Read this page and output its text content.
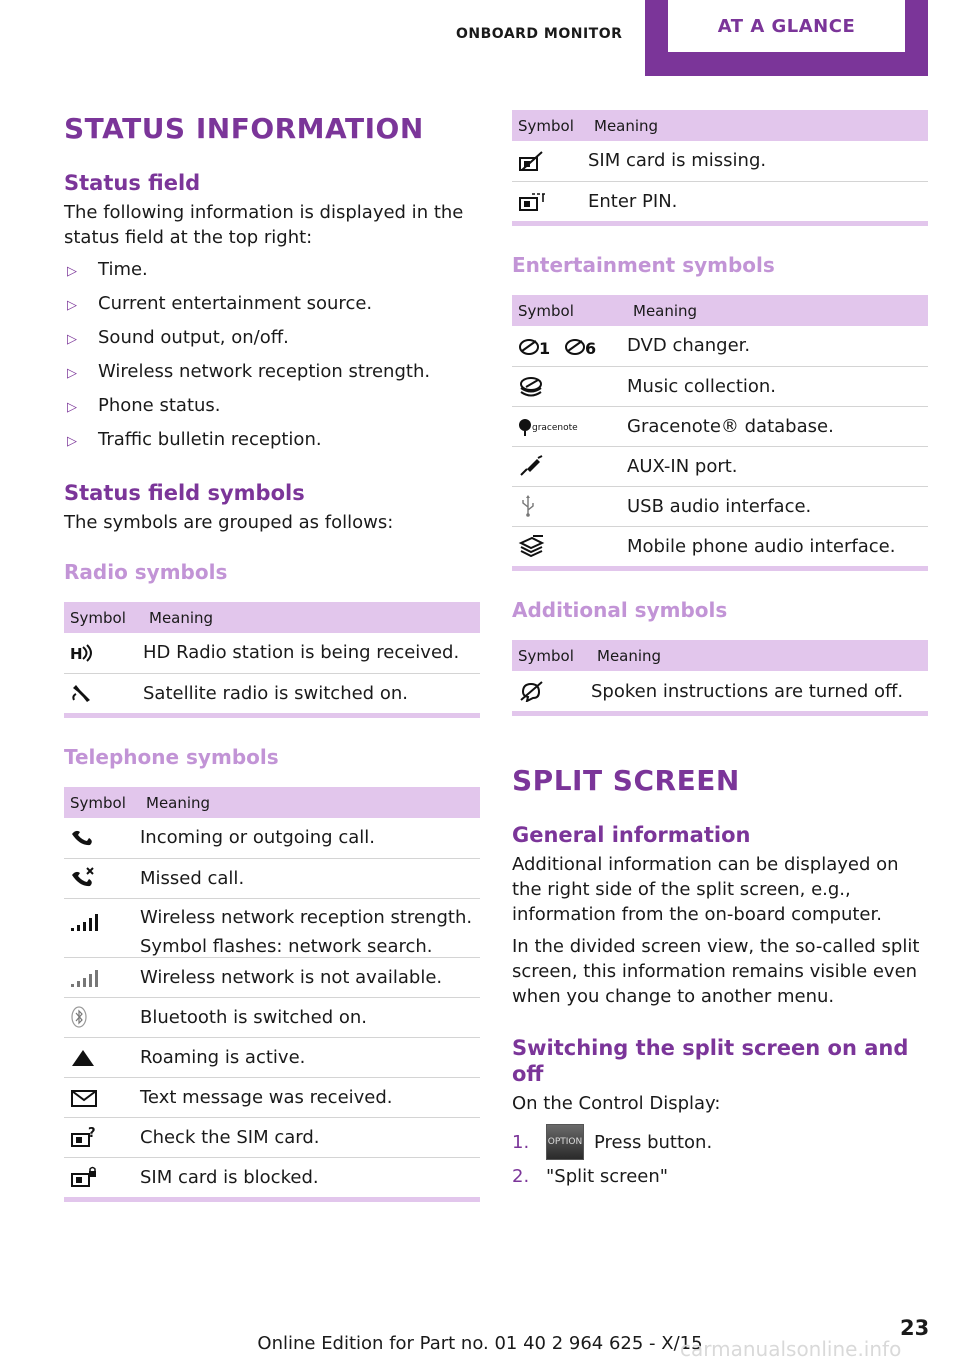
ONBOARD MONITOR	AT A GLANCE
STATUS INFORMATION
Status field

The following information is displayed in the status field at the top right:

▷	Time.
▷	Current entertainment source.
▷	Sound output, on/off.
▷	Wireless network reception strength.
▷	Phone status.
▷	Traffic bulletin reception.
Status field symbols

The symbols are grouped as follows:

Radio symbols
Symbol	Meaning

H	HD Radio station is being received.
	Satellite radio is switched on.
Telephone symbols
Symbol	Meaning
	Incoming or outgoing call.
	Missed call.
	Wireless network reception strength.
Symbol flashes: network search.

	Wireless network is not available.
	Bluetooth is switched on.
	Roaming is active.
	Text message was received.

?	Check the SIM card.
	SIM card is blocked.
Symbol	Meaning
	SIM card is missing.
	Enter PIN.
Entertainment symbols
Symbol	Meaning

1 6	DVD changer.
	Music collection.

gracenote	Gracenote® database.
	AUX-IN port.
	USB audio interface.
	Mobile phone audio interface.
Additional symbols
Symbol	Meaning
	Spoken instructions are turned off.
SPLIT SCREEN
General information

Additional information can be displayed on the right side of the split screen, e.g., information from the on-board computer.

In the divided screen view, the so-called split screen, this information remains visible even when you change to another menu.

Switching the split screen on and off

On the Control Display:

1.	OPTION Press button.
2. "Split screen"
23
Online Edition for Part no. 01 40 2 964 625 - X/15
carmanualsonline.info
